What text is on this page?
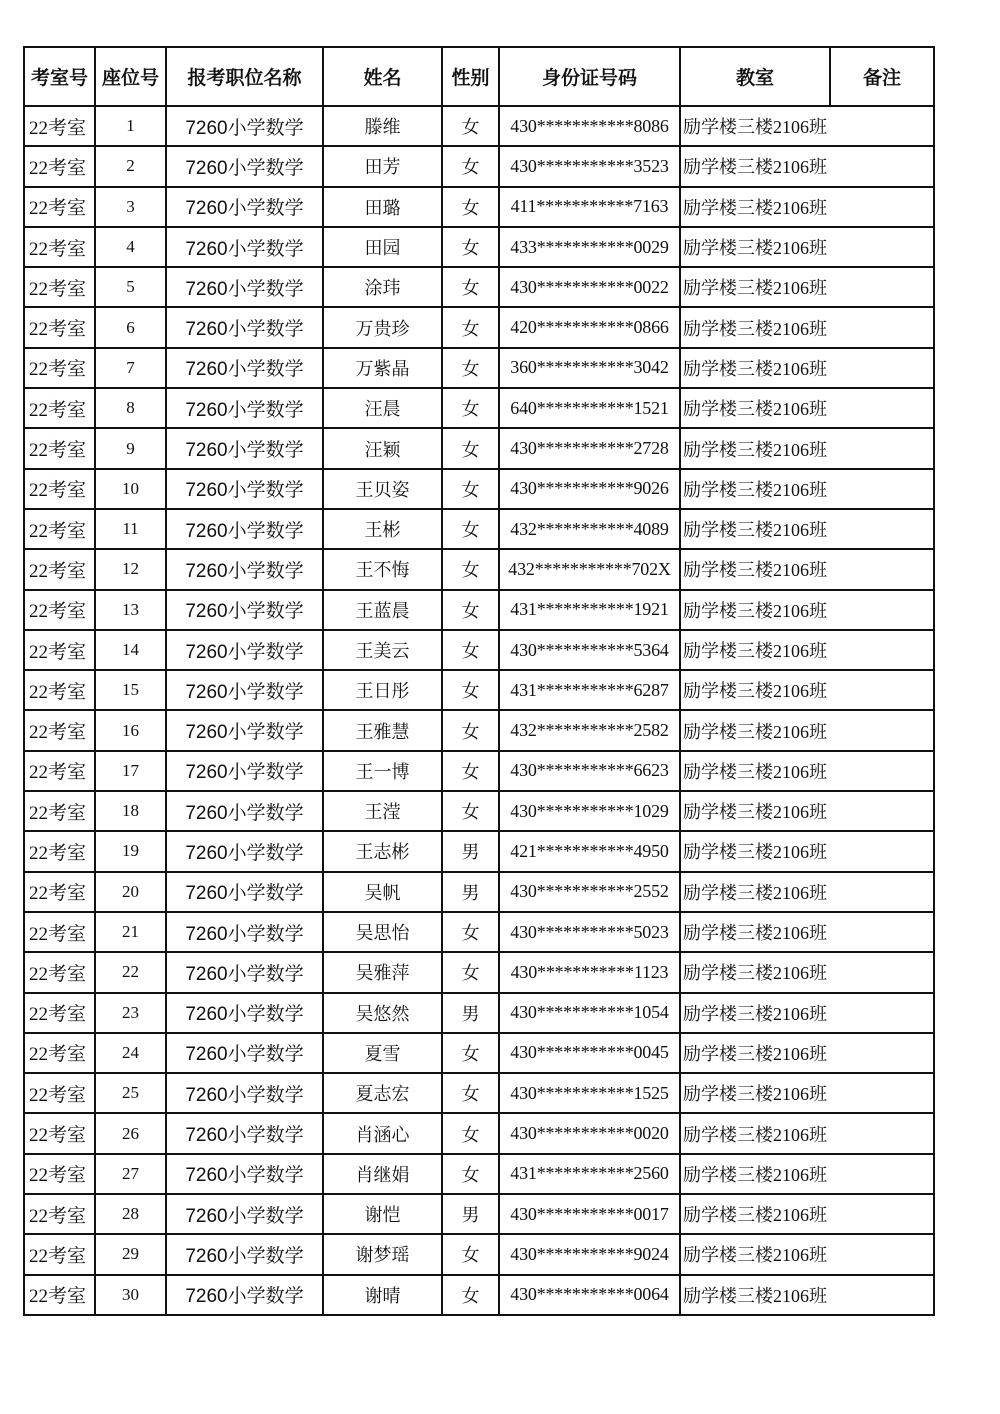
考室号	座位号	报考职位名称	姓名	性别	身份证号码	教室	备注
22考室	1	7260小学数学	滕维	女	430***********8086	励学楼三楼2106班	
22考室	2	7260小学数学	田芳	女	430***********3523	励学楼三楼2106班	
22考室	3	7260小学数学	田璐	女	411***********7163	励学楼三楼2106班	
22考室	4	7260小学数学	田园	女	433***********0029	励学楼三楼2106班	
22考室	5	7260小学数学	涂玮	女	430***********0022	励学楼三楼2106班	
22考室	6	7260小学数学	万贵珍	女	420***********0866	励学楼三楼2106班	
22考室	7	7260小学数学	万紫晶	女	360***********3042	励学楼三楼2106班	
22考室	8	7260小学数学	汪晨	女	640***********1521	励学楼三楼2106班	
22考室	9	7260小学数学	汪颖	女	430***********2728	励学楼三楼2106班	
22考室	10	7260小学数学	王贝姿	女	430***********9026	励学楼三楼2106班	
22考室	11	7260小学数学	王彬	女	432***********4089	励学楼三楼2106班	
22考室	12	7260小学数学	王不悔	女	432***********702X	励学楼三楼2106班	
22考室	13	7260小学数学	王蓝晨	女	431***********1921	励学楼三楼2106班	
22考室	14	7260小学数学	王美云	女	430***********5364	励学楼三楼2106班	
22考室	15	7260小学数学	王日彤	女	431***********6287	励学楼三楼2106班	
22考室	16	7260小学数学	王雅慧	女	432***********2582	励学楼三楼2106班	
22考室	17	7260小学数学	王一博	女	430***********6623	励学楼三楼2106班	
22考室	18	7260小学数学	王滢	女	430***********1029	励学楼三楼2106班	
22考室	19	7260小学数学	王志彬	男	421***********4950	励学楼三楼2106班	
22考室	20	7260小学数学	吴帆	男	430***********2552	励学楼三楼2106班	
22考室	21	7260小学数学	吴思怡	女	430***********5023	励学楼三楼2106班	
22考室	22	7260小学数学	吴雅萍	女	430***********1123	励学楼三楼2106班	
22考室	23	7260小学数学	吴悠然	男	430***********1054	励学楼三楼2106班	
22考室	24	7260小学数学	夏雪	女	430***********0045	励学楼三楼2106班	
22考室	25	7260小学数学	夏志宏	女	430***********1525	励学楼三楼2106班	
22考室	26	7260小学数学	肖涵心	女	430***********0020	励学楼三楼2106班	
22考室	27	7260小学数学	肖继娟	女	431***********2560	励学楼三楼2106班	
22考室	28	7260小学数学	谢恺	男	430***********0017	励学楼三楼2106班	
22考室	29	7260小学数学	谢梦瑶	女	430***********9024	励学楼三楼2106班	
22考室	30	7260小学数学	谢晴	女	430***********0064	励学楼三楼2106班	
